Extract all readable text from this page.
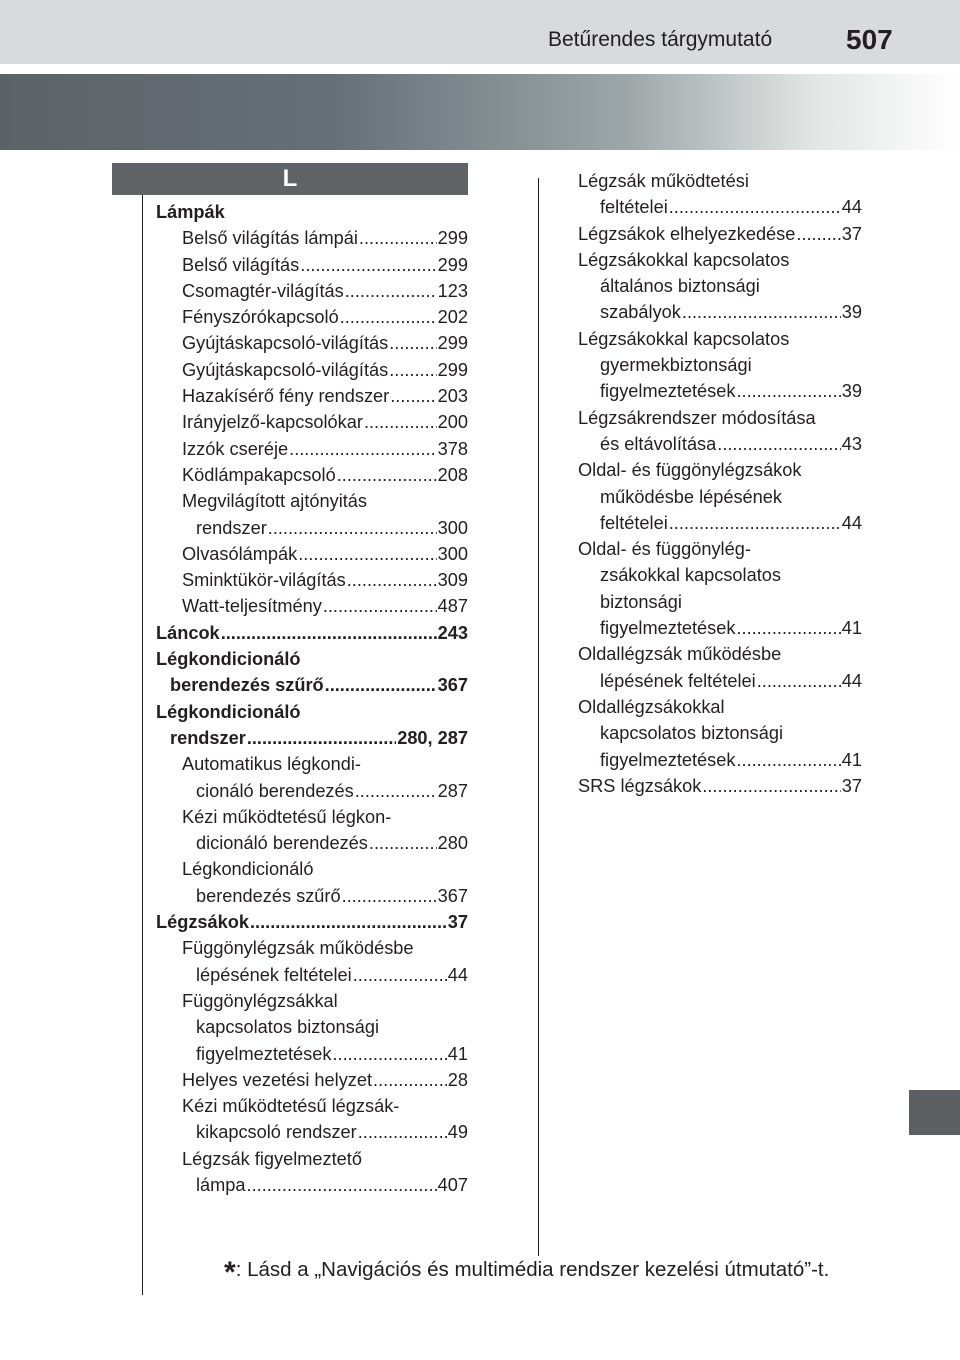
Betűrendes tárgymutató	507
L
Lámpák
Belső világítás lámpái .....	299
Belső világítás .....	299
Csomagtér-világítás .....	123
Fényszórókapcsoló .....	202
Gyújtáskapcsoló-világítás .....	299
Gyújtáskapcsoló-világítás .....	299
Hazakísérő fény rendszer .....	203
Irányjelző-kapcsolókar .....	200
Izzók cseréje .....	378
Ködlámpakapcsoló .....	208
Megvilágított ajtónyitás
rendszer .....	300
Olvasólámpák .....	300
Sminktükör-világítás .....	309
Watt-teljesítmény .....	487
Láncok .....	243
Légkondicionáló
berendezés szűrő .....	367
Légkondicionáló
rendszer .....	280, 287
Automatikus légkondi-
cionáló berendezés .....	287
Kézi működtetésű légkon-
dicionáló berendezés .....	280
Légkondicionáló
berendezés szűrő .....	367
Légzsákok .....	37
Függönylégzsák működésbe
lépésének feltételei .....	44
Függönylégzsákkal
kapcsolatos biztonsági
figyelmeztetések .....	41
Helyes vezetési helyzet .....	28
Kézi működtetésű légzsák-
kikapcsoló rendszer .....	49
Légzsák figyelmeztető
lámpa .....	407
Légzsák működtetési
feltételei .....	44
Légzsákok elhelyezkedése .....	37
Légzsákokkal kapcsolatos
általános biztonsági
szabályok .....	39
Légzsákokkal kapcsolatos
gyermekbiztonsági
figyelmeztetések .....	39
Légzsákrendszer módosítása
és eltávolítása .....	43
Oldal- és függönylégzsákok
működésbe lépésének
feltételei .....	44
Oldal- és függönylég-
zsákokkal kapcsolatos
biztonsági
figyelmeztetések .....	41
Oldallégzsák működésbe
lépésének feltételei .....	44
Oldallégzsákokkal
kapcsolatos biztonsági
figyelmeztetések .....	41
SRS légzsákok .....	37
*: Lásd a „Navigációs és multimédia rendszer kezelési útmutató”-t.
